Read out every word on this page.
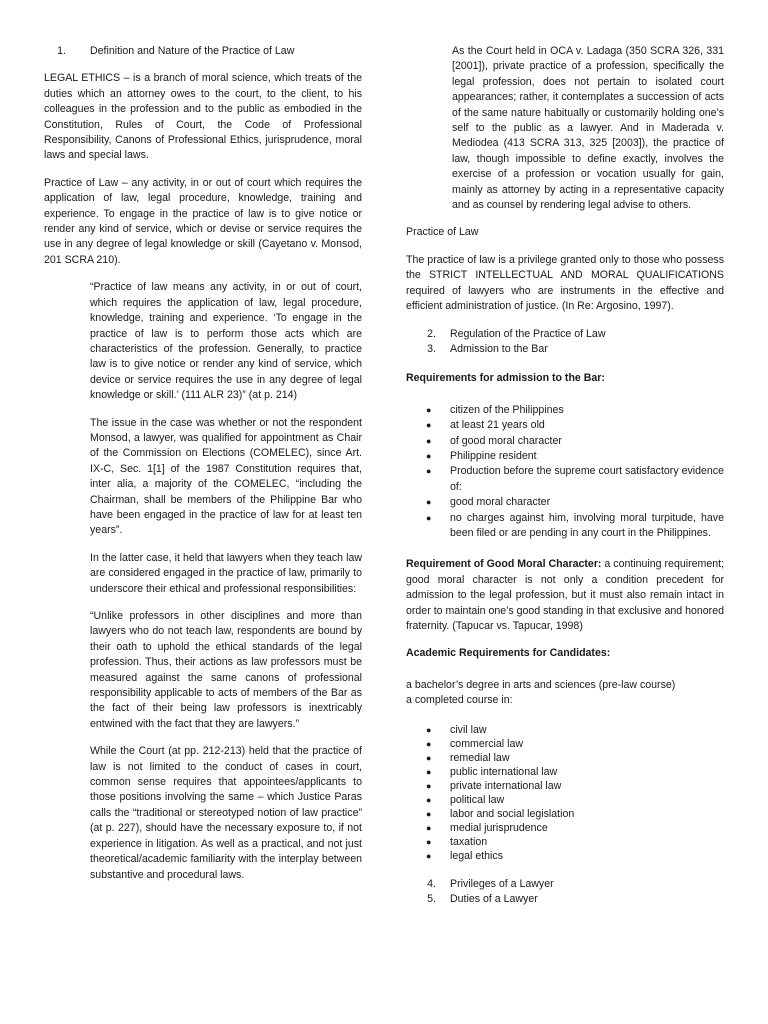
1.	Definition and Nature of the Practice of Law

LEGAL ETHICS – is a branch of moral science, which treats of the duties which an attorney owes to the court, to the client, to his colleagues in the profession and to the public as embodied in the Constitution, Rules of Court, the Code of Professional Responsibility, Canons of Professional Ethics, jurisprudence, moral laws and special laws.

Practice of Law – any activity, in or out of court which requires the application of law, legal procedure, knowledge, training and experience. To engage in the practice of law is to give notice or render any kind of service, which or devise or service requires the use in any degree of legal knowledge or skill (Cayetano v. Monsod, 201 SCRA 210).

“Practice of law means any activity, in or out of court, which requires the application of law, legal procedure, knowledge, training and experience. ‘To engage in the practice of law is to perform those acts which are characteristics of the profession. Generally, to practice law is to give notice or render any kind of service, which device or service requires the use in any degree of legal knowledge or skill.’ (111 ALR 23)” (at p. 214)

The issue in the case was whether or not the respondent Monsod, a lawyer, was qualified for appointment as Chair of the Commission on Elections (COMELEC), since Art. IX-C, Sec. 1[1] of the 1987 Constitution requires that, inter alia, a majority of the COMELEC, “including the Chairman, shall be members of the Philippine Bar who have been engaged in the practice of law for at least ten years”.

In the latter case, it held that lawyers when they teach law are considered engaged in the practice of law, primarily to underscore their ethical and professional responsibilities:

“Unlike professors in other disciplines and more than lawyers who do not teach law, respondents are bound by their oath to uphold the ethical standards of the legal profession. Thus, their actions as law professors must be measured against the same canons of professional responsibility applicable to acts of members of the Bar as the fact of their being law professors is inextricably entwined with the fact that they are lawyers.”

While the Court (at pp. 212-213) held that the practice of law is not limited to the conduct of cases in court, common sense requires that appointees/applicants to those positions involving the same – which Justice Paras calls the “traditional or stereotyped notion of law practice” (at p. 227), should have the necessary exposure to, if not experience in litigation. As well as a practical, and not just theoretical/academic familiarity with the interplay between substantive and procedural laws.

As the Court held in OCA v. Ladaga (350 SCRA 326, 331 [2001]), private practice of a profession, specifically the legal profession, does not pertain to isolated court appearances; rather, it contemplates a succession of acts of the same nature habitually or customarily holding one’s self to the public as a lawyer. And in Maderada v. Mediodea (413 SCRA 313, 325 [2003]), the practice of law, though impossible to define exactly, involves the exercise of a profession or vocation usually for gain, mainly as attorney by acting in a representative capacity and as counsel by rendering legal advise to others.

Practice of Law

The practice of law is a privilege granted only to those who possess the STRICT INTELLECTUAL AND MORAL QUALIFICATIONS required of lawyers who are instruments in the effective and efficient administration of justice. (In Re: Argosino, 1997).

2.	Regulation of the Practice of Law
3.	Admission to the Bar

Requirements for admission to the Bar:

●	citizen of the Philippines
●	at least 21 years old
●	of good moral character
●	Philippine resident
●	Production before the supreme court satisfactory evidence of:
●	good moral character
●	no charges against him, involving moral turpitude, have been filed or are pending in any court in the Philippines.

Requirement of Good Moral Character: a continuing requirement; good moral character is not only a condition precedent for admission to the legal profession, but it must also remain intact in order to maintain one’s good standing in that exclusive and honored fraternity. (Tapucar vs. Tapucar, 1998)

Academic Requirements for Candidates:

a bachelor’s degree in arts and sciences (pre-law course)

a completed course in:

●	civil law
●	commercial law
●	remedial law
●	public international law
●	private international law
●	political law
●	labor and social legislation
●	medial jurisprudence
●	taxation
●	legal ethics
4.	Privileges of a Lawyer
5.	Duties of a Lawyer
